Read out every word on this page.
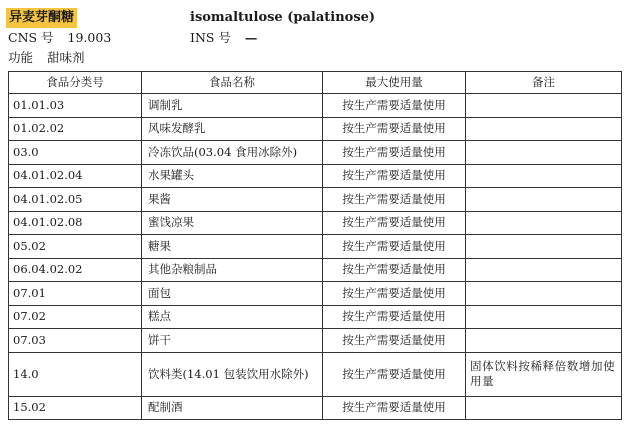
异麦芽酮糖	isomaltulose (palatinose)
CNS 号 19.003	INS 号 —
功能 甜味剂
食品分类号	食品名称	最大使用量	备注
01.01.03	调制乳	按生产需要适量使用	
01.02.02	风味发酵乳	按生产需要适量使用	
03.0	冷冻饮品(03.04 食用冰除外)	按生产需要适量使用	
04.01.02.04	水果罐头	按生产需要适量使用	
04.01.02.05	果酱	按生产需要适量使用	
04.01.02.08	蜜饯凉果	按生产需要适量使用	
05.02	糖果	按生产需要适量使用	
06.04.02.02	其他杂粮制品	按生产需要适量使用	
07.01	面包	按生产需要适量使用	
07.02	糕点	按生产需要适量使用	
07.03	饼干	按生产需要适量使用	
14.0	饮料类(14.01 包装饮用水除外)	按生产需要适量使用	固体饮料按稀释倍数增加使用量
15.02	配制酒	按生产需要适量使用	
